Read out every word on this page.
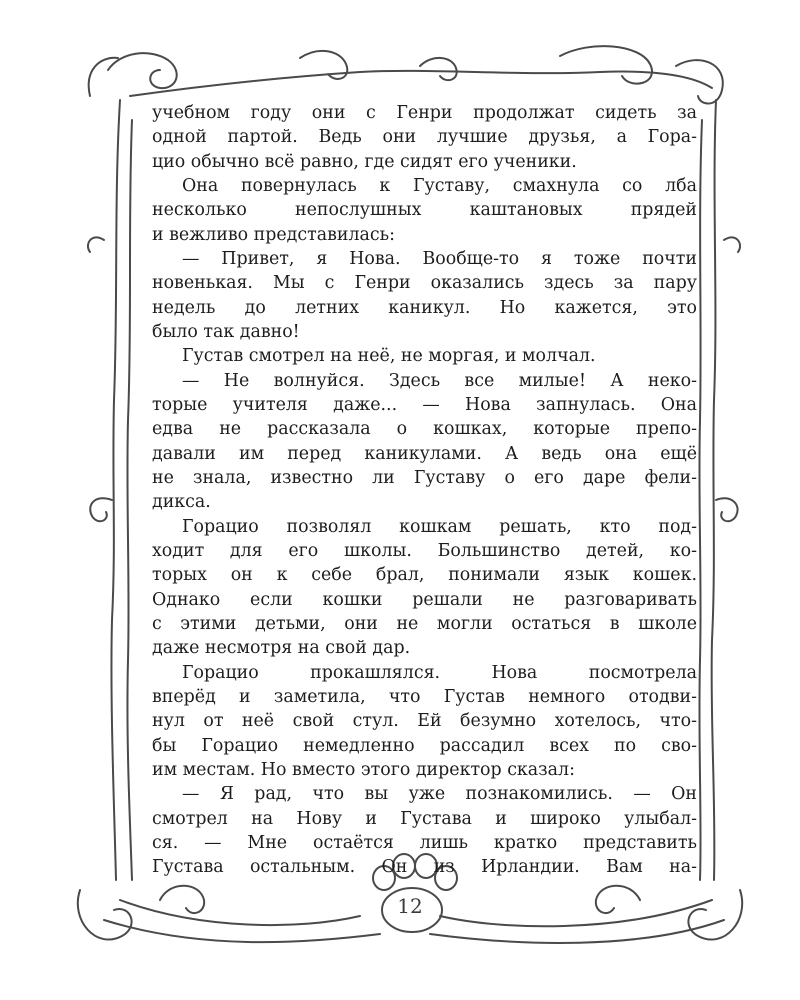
учебном году они с Генри продолжат сидеть за
одной партой. Ведь они лучшие друзья, а Гора-
цио обычно всё равно, где сидят его ученики.
Она повернулась к Густаву, смахнула со лба
несколько непослушных каштановых прядей
и вежливо представилась:
— Привет, я Нова. Вообще-то я тоже почти
новенькая. Мы с Генри оказались здесь за пару
недель до летних каникул. Но кажется, это
было так давно!
Густав смотрел на неё, не моргая, и молчал.
— Не волнуйся. Здесь все милые! А неко-
торые учителя даже... — Нова запнулась. Она
едва не рассказала о кошках, которые препо-
давали им перед каникулами. А ведь она ещё
не знала, известно ли Густаву о его даре фели-
дикса.
Горацио позволял кошкам решать, кто под-
ходит для его школы. Большинство детей, ко-
торых он к себе брал, понимали язык кошек.
Однако если кошки решали не разговаривать
с этими детьми, они не могли остаться в школе
даже несмотря на свой дар.
Горацио прокашлялся. Нова посмотрела
вперёд и заметила, что Густав немного отодви-
нул от неё свой стул. Ей безумно хотелось, что-
бы Горацио немедленно рассадил всех по сво-
им местам. Но вместо этого директор сказал:
— Я рад, что вы уже познакомились. — Он
смотрел на Нову и Густава и широко улыбал-
ся. — Мне остаётся лишь кратко представить
Густава остальным. Он из Ирландии. Вам на-
12
